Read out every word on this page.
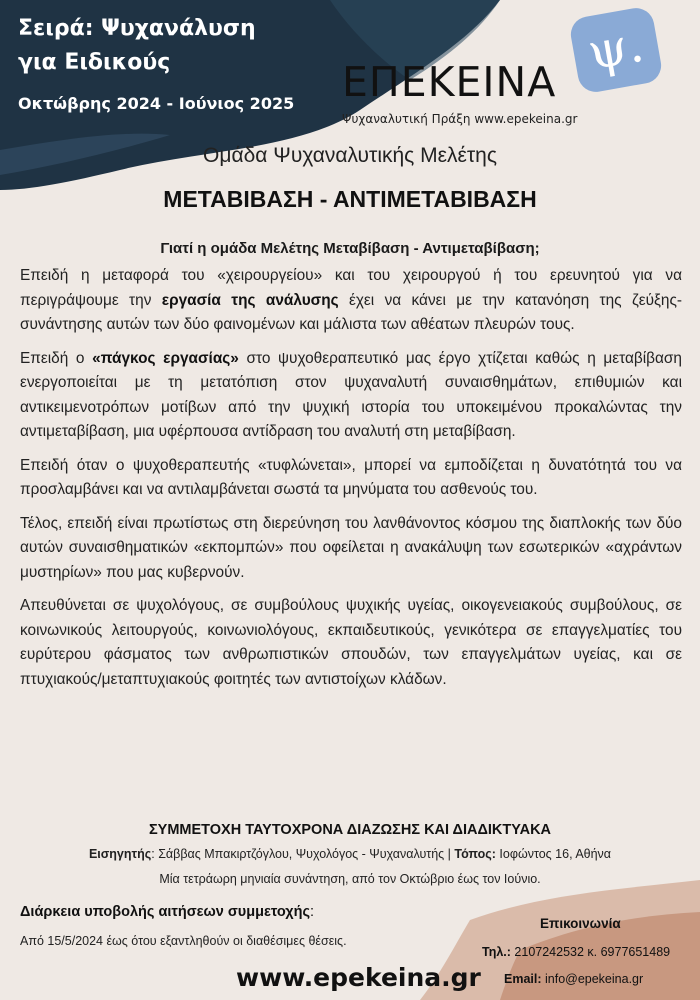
Σειρά: Ψυχανάλυση
για Ειδικούς
Οκτώβρης 2024 - Ιούνιος 2025
ψ.
ΕΠΕΚΕΙΝΑ
Ψυχαναλυτική Πράξη www.epekeina.gr
Ομάδα Ψυχαναλυτικής Μελέτης
ΜΕΤΑΒΙΒΑΣΗ - ΑΝΤΙΜΕΤΑΒΙΒΑΣΗ
Γιατί η ομάδα Μελέτης Μεταβίβαση - Αντιμεταβίβαση;

Επειδή η μεταφορά του «χειρουργείου» και του χειρουργού ή του ερευνητού για να περιγράψουμε την εργασία της ανάλυσης έχει να κάνει με την κατανόηση της ζεύξης-συνάντησης αυτών των δύο φαινομένων και μάλιστα των αθέατων πλευρών τους.

Επειδή ο «πάγκος εργασίας» στο ψυχοθεραπευτικό μας έργο χτίζεται καθώς η μεταβίβαση ενεργοποιείται με τη μετατόπιση στον ψυχαναλυτή συναισθημάτων, επιθυμιών και αντικειμενοτρόπων μοτίβων από την ψυχική ιστορία του υποκειμένου προκαλώντας την αντιμεταβίβαση, μια υφέρπουσα αντίδραση του αναλυτή στη μεταβίβαση.

Επειδή όταν ο ψυχοθεραπευτής «τυφλώνεται», μπορεί να εμποδίζεται η δυνατότητά του να προσλαμβάνει και να αντιλαμβάνεται σωστά τα μηνύματα του ασθενούς του.

Τέλος, επειδή είναι πρωτίστως στη διερεύνηση του λανθάνοντος κόσμου της διαπλοκής των δύο αυτών συναισθηματικών «εκπομπών» που οφείλεται η ανακάλυψη των εσωτερικών «αχράντων μυστηρίων» που μας κυβερνούν.

Απευθύνεται σε ψυχολόγους, σε συμβούλους ψυχικής υγείας, οικογενειακούς συμβούλους, σε κοινωνικούς λειτουργούς, κοινωνιολόγους, εκπαιδευτικούς, γενικότερα σε επαγγελματίες του ευρύτερου φάσματος των ανθρωπιστικών σπουδών, των επαγγελμάτων υγείας, και σε πτυχιακούς/μεταπτυχιακούς φοιτητές των αντιστοίχων κλάδων.

ΣΥΜΜΕΤΟΧΗ ΤΑΥΤΟΧΡΟΝΑ ΔΙΑΖΩΣΗΣ ΚΑΙ ΔΙΑΔΙΚΤΥΑΚΑ
Εισηγητής: Σάββας Μπακιρτζόγλου, Ψυχολόγος - Ψυχαναλυτής | Τόπος: Ιοφώντος 16, Αθήνα
Μία τετράωρη μηνιαία συνάντηση, από τον Οκτώβριο έως τον Ιούνιο.
Διάρκεια υποβολής αιτήσεων συμμετοχής:
Από 15/5/2024 έως ότου εξαντληθούν οι διαθέσιμες θέσεις.
www.epekeina.gr
Επικοινωνία
Τηλ.: 2107242532 κ. 6977651489
Email: info@epekeina.gr
